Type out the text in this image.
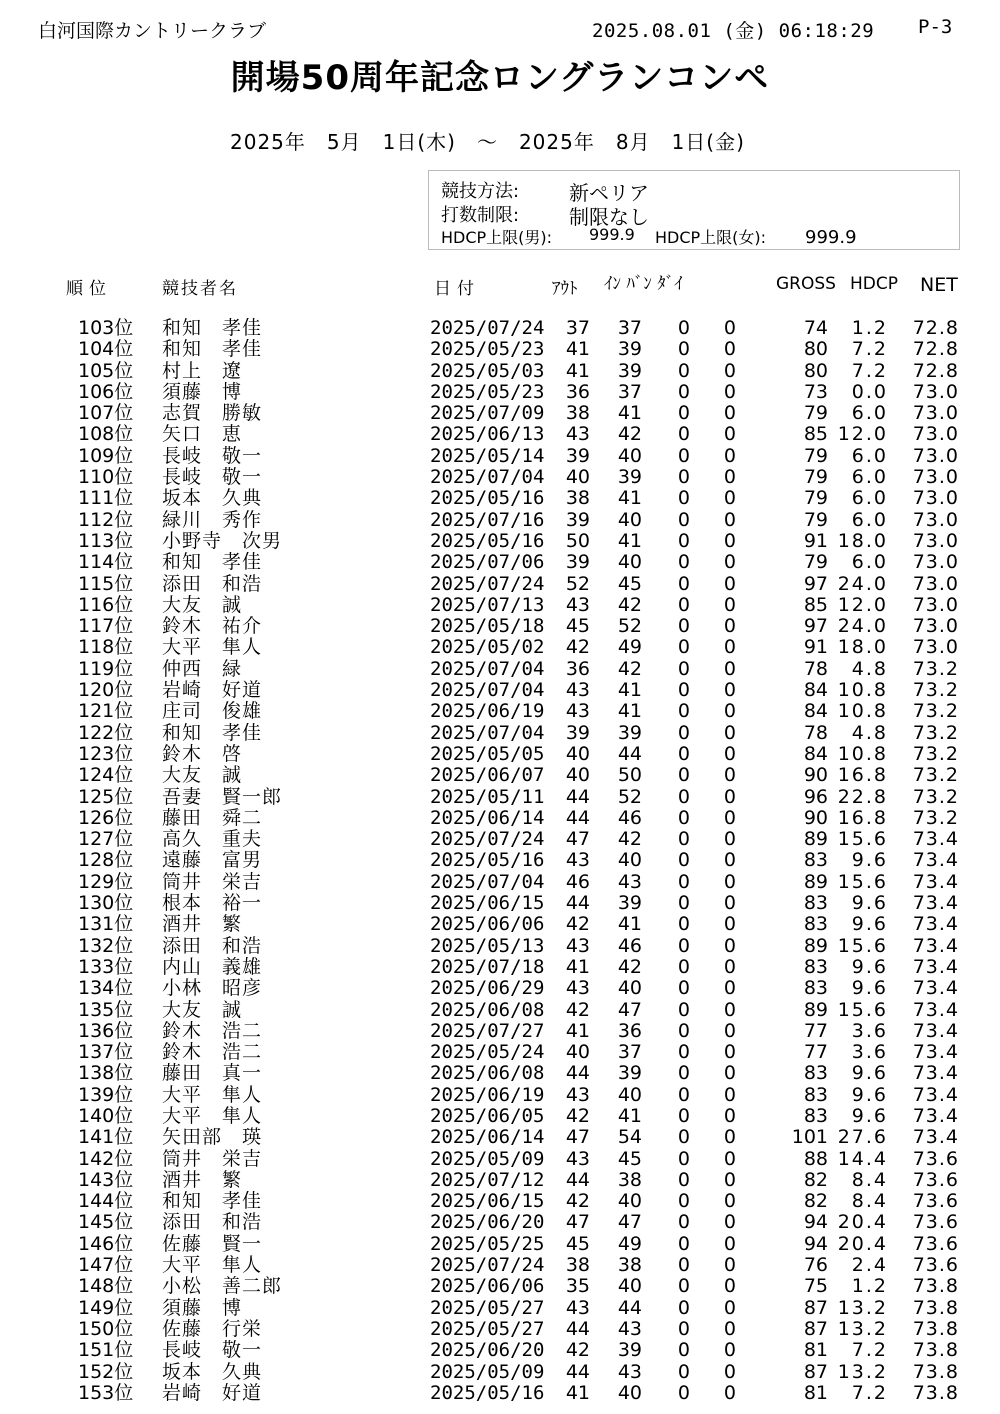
白河国際カントリークラブ	2025.08.01 (金) 06:18:29 P-3
開場50周年記念ロングランコンペ
2025年　5月　1日(木)　～　2025年　8月　1日(金)
競技方法: 新ペリア
打数制限: 制限なし
HDCP上限(男): 999.9 HDCP上限(女): 999.9
順位	競技者名	日付	ｱｳﾄ ｲﾝ ﾊﾞﾝ ﾀﾞｲ	GROSS HDCP NET
103位 和知　孝佳	2025/07/24 37 37 0 0	74 1.2 72.8
104位 和知　孝佳	2025/05/23 41 39 0 0	80 7.2 72.8
105位 村上　遼	2025/05/03 41 39 0 0	80 7.2 72.8
106位 須藤　博	2025/05/23 36 37 0 0	73 0.0 73.0
107位 志賀　勝敏	2025/07/09 38 41 0 0	79 6.0 73.0
108位 矢口　恵	2025/06/13 43 42 0 0	85 12.0 73.0
109位 長岐　敬一	2025/05/14 39 40 0 0	79 6.0 73.0
110位 長岐　敬一	2025/07/04 40 39 0 0	79 6.0 73.0
111位 坂本　久典	2025/05/16 38 41 0 0	79 6.0 73.0
112位 緑川　秀作	2025/07/16 39 40 0 0	79 6.0 73.0
113位 小野寺　次男	2025/05/16 50 41 0 0	91 18.0 73.0
114位 和知　孝佳	2025/07/06 39 40 0 0	79 6.0 73.0
115位 添田　和浩	2025/07/24 52 45 0 0	97 24.0 73.0
116位 大友　誠	2025/07/13 43 42 0 0	85 12.0 73.0
117位 鈴木　祐介	2025/05/18 45 52 0 0	97 24.0 73.0
118位 大平　隼人	2025/05/02 42 49 0 0	91 18.0 73.0
119位 仲西　緑	2025/07/04 36 42 0 0	78 4.8 73.2
120位 岩崎　好道	2025/07/04 43 41 0 0	84 10.8 73.2
121位 庄司　俊雄	2025/06/19 43 41 0 0	84 10.8 73.2
122位 和知　孝佳	2025/07/04 39 39 0 0	78 4.8 73.2
123位 鈴木　啓	2025/05/05 40 44 0 0	84 10.8 73.2
124位 大友　誠	2025/06/07 40 50 0 0	90 16.8 73.2
125位 吾妻　賢一郎	2025/05/11 44 52 0 0	96 22.8 73.2
126位 藤田　舜二	2025/06/14 44 46 0 0	90 16.8 73.2
127位 高久　重夫	2025/07/24 47 42 0 0	89 15.6 73.4
128位 遠藤　富男	2025/05/16 43 40 0 0	83 9.6 73.4
129位 筒井　栄吉	2025/07/04 46 43 0 0	89 15.6 73.4
130位 根本　裕一	2025/06/15 44 39 0 0	83 9.6 73.4
131位 酒井　繁	2025/06/06 42 41 0 0	83 9.6 73.4
132位 添田　和浩	2025/05/13 43 46 0 0	89 15.6 73.4
133位 内山　義雄	2025/07/18 41 42 0 0	83 9.6 73.4
134位 小林　昭彦	2025/06/29 43 40 0 0	83 9.6 73.4
135位 大友　誠	2025/06/08 42 47 0 0	89 15.6 73.4
136位 鈴木　浩二	2025/07/27 41 36 0 0	77 3.6 73.4
137位 鈴木　浩二	2025/05/24 40 37 0 0	77 3.6 73.4
138位 藤田　真一	2025/06/08 44 39 0 0	83 9.6 73.4
139位 大平　隼人	2025/06/19 43 40 0 0	83 9.6 73.4
140位 大平　隼人	2025/06/05 42 41 0 0	83 9.6 73.4
141位 矢田部　瑛	2025/06/14 47 54 0 0	101 27.6 73.4
142位 筒井　栄吉	2025/05/09 43 45 0 0	88 14.4 73.6
143位 酒井　繁	2025/07/12 44 38 0 0	82 8.4 73.6
144位 和知　孝佳	2025/06/15 42 40 0 0	82 8.4 73.6
145位 添田　和浩	2025/06/20 47 47 0 0	94 20.4 73.6
146位 佐藤　賢一	2025/05/25 45 49 0 0	94 20.4 73.6
147位 大平　隼人	2025/07/24 38 38 0 0	76 2.4 73.6
148位 小松　善二郎	2025/06/06 35 40 0 0	75 1.2 73.8
149位 須藤　博	2025/05/27 43 44 0 0	87 13.2 73.8
150位 佐藤　行栄	2025/05/27 44 43 0 0	87 13.2 73.8
151位 長岐　敬一	2025/06/20 42 39 0 0	81 7.2 73.8
152位 坂本　久典	2025/05/09 44 43 0 0	87 13.2 73.8
153位 岩崎　好道	2025/05/16 41 40 0 0	81 7.2 73.8
